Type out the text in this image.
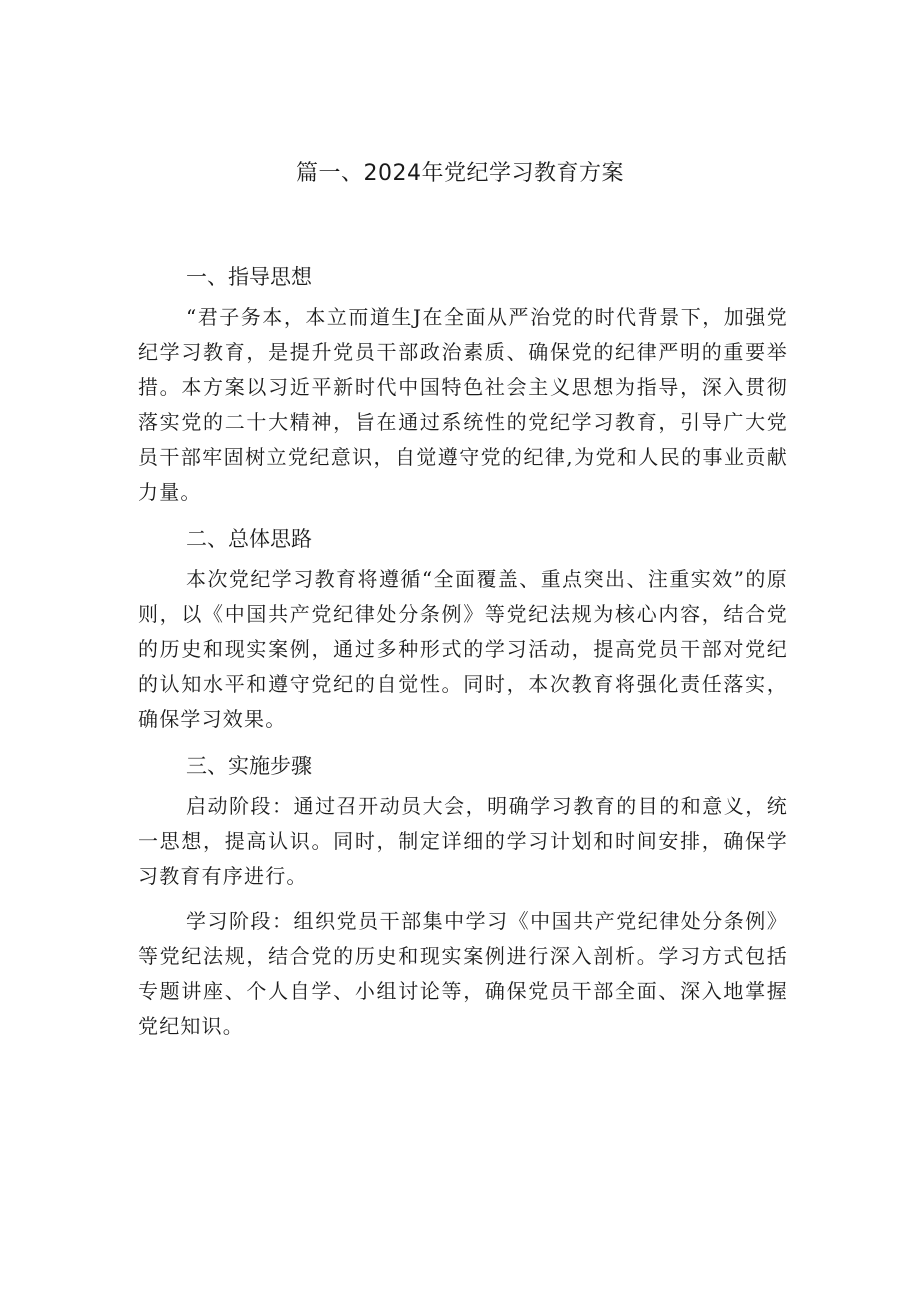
篇一、2024年党纪学习教育方案
一、指导思想

“君子务本，本立而道生J在全面从严治党的时代背景下，加强党纪学习教育，是提升党员干部政治素质、确保党的纪律严明的重要举措。本方案以习近平新时代中国特色社会主义思想为指导，深入贯彻落实党的二十大精神，旨在通过系统性的党纪学习教育，引导广大党员干部牢固树立党纪意识，自觉遵守党的纪律,为党和人民的事业贡献力量。

二、总体思路

本次党纪学习教育将遵循“全面覆盖、重点突出、注重实效”的原则，以《中国共产党纪律处分条例》等党纪法规为核心内容，结合党的历史和现实案例，通过多种形式的学习活动，提高党员干部对党纪的认知水平和遵守党纪的自觉性。同时，本次教育将强化责任落实，确保学习效果。

三、实施步骤

启动阶段：通过召开动员大会，明确学习教育的目的和意义，统一思想，提高认识。同时，制定详细的学习计划和时间安排，确保学习教育有序进行。

学习阶段：组织党员干部集中学习《中国共产党纪律处分条例》等党纪法规，结合党的历史和现实案例进行深入剖析。学习方式包括专题讲座、个人自学、小组讨论等，确保党员干部全面、深入地掌握党纪知识。
